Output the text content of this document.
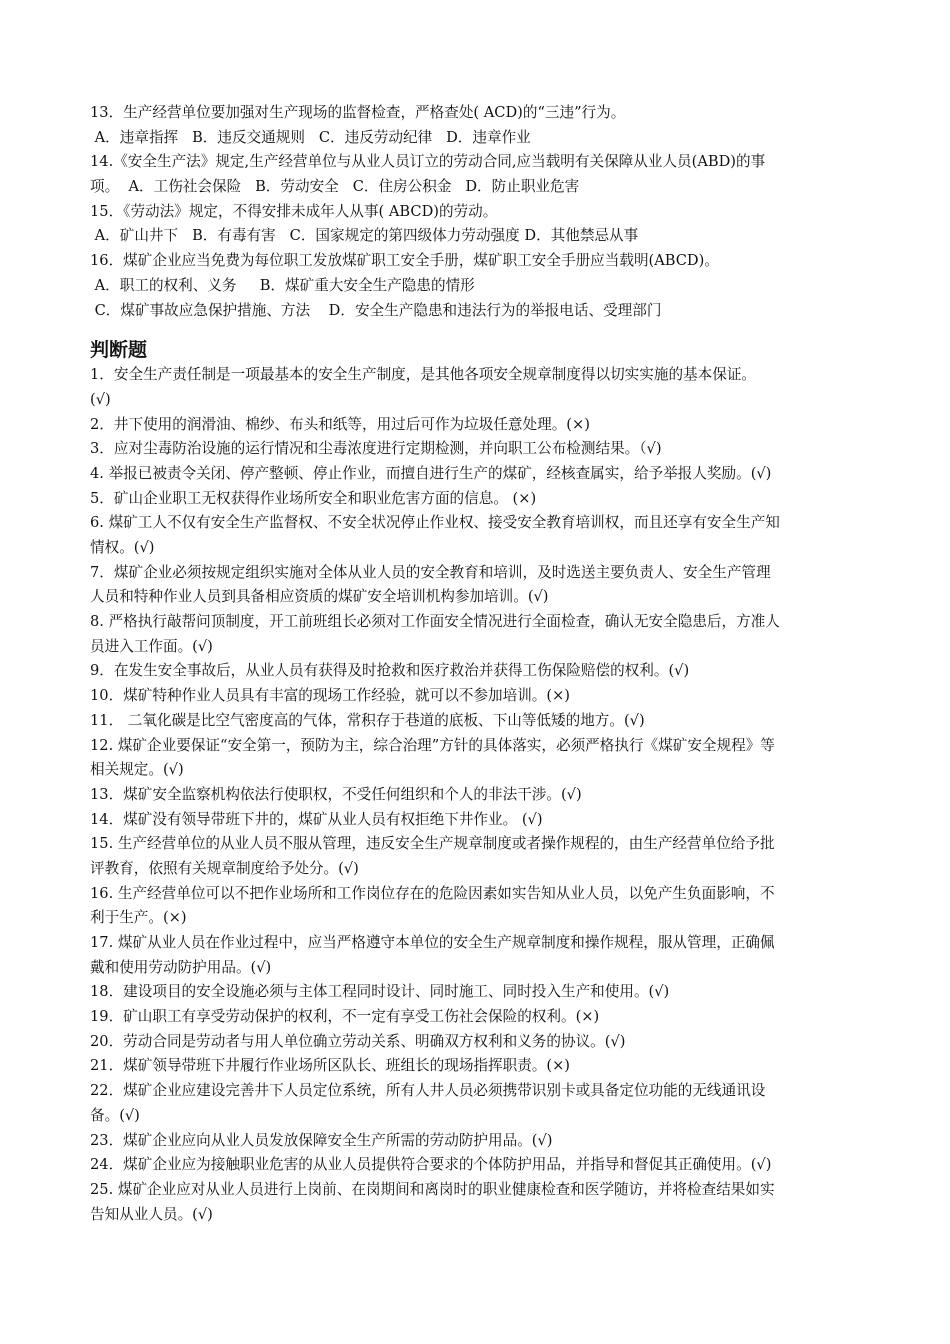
13．生产经营单位要加强对生产现场的监督检查，严格查处( ACD)的“三违”行为。
A．违章指挥   B．违反交通规则   C．违反劳动纪律   D．违章作业
14.《安全生产法》规定,生产经营单位与从业人员订立的劳动合同,应当载明有关保障从业人员(ABD)的事
项。  A．工伤社会保险   B．劳动安全   C．住房公积金   D．防止职业危害
15．《劳动法》规定，不得安排未成年人从事( ABCD)的劳动。
A．矿山井下   B．有毒有害   C．国家规定的第四级体力劳动强度 D．其他禁忌从事
16．煤矿企业应当免费为每位职工发放煤矿职工安全手册，煤矿职工安全手册应当载明(ABCD)。
A．职工的权利、义务     B．煤矿重大安全生产隐患的情形
C．煤矿事故应急保护措施、方法    D．安全生产隐患和违法行为的举报电话、受理部门
判断题
1．安全生产责任制是一项最基本的安全生产制度，是其他各项安全规章制度得以切实实施的基本保证。
(√)
2．井下使用的润滑油、棉纱、布头和纸等，用过后可作为垃圾任意处理。(×)
3．应对尘毒防治设施的运行情况和尘毒浓度进行定期检测，并向职工公布检测结果。（√)
4. 举报已被责令关闭、停产整顿、停止作业，而擅自进行生产的煤矿，经核查属实，给予举报人奖励。(√)
5．矿山企业职工无权获得作业场所安全和职业危害方面的信息。 (×)
6. 煤矿工人不仅有安全生产监督权、不安全状况停止作业权、接受安全教育培训权，而且还享有安全生产知
情权。(√)
7．煤矿企业必须按规定组织实施对全体从业人员的安全教育和培训，及时选送主要负责人、安全生产管理
人员和特种作业人员到具备相应资质的煤矿安全培训机构参加培训。(√)
8. 严格执行敲帮问顶制度，开工前班组长必须对工作面安全情况进行全面检查，确认无安全隐患后，方准人
员进入工作面。(√)
9．在发生安全事故后，从业人员有获得及时抢救和医疗救治并获得工伤保险赔偿的权利。(√)
10．煤矿特种作业人员具有丰富的现场工作经验，就可以不参加培训。(×)
11． 二氧化碳是比空气密度高的气体，常积存于巷道的底板、下山等低矮的地方。(√)
12. 煤矿企业要保证“安全第一，预防为主，综合治理”方针的具体落实，必须严格执行《煤矿安全规程》等
相关规定。(√)
13．煤矿安全监察机构依法行使职权，不受任何组织和个人的非法干涉。(√)
14．煤矿没有领导带班下井的，煤矿从业人员有权拒绝下井作业。 (√)
15. 生产经营单位的从业人员不服从管理，违反安全生产规章制度或者操作规程的，由生产经营单位给予批
评教育，依照有关规章制度给予处分。(√)
16. 生产经营单位可以不把作业场所和工作岗位存在的危险因素如实告知从业人员，以免产生负面影响，不
利于生产。(×)
17. 煤矿从业人员在作业过程中，应当严格遵守本单位的安全生产规章制度和操作规程，服从管理，正确佩
戴和使用劳动防护用品。(√)
18．建设项目的安全设施必须与主体工程同时设计、同时施工、同时投入生产和使用。(√)
19．矿山职工有享受劳动保护的权利，不一定有享受工伤社会保险的权利。(×)
20．劳动合同是劳动者与用人单位确立劳动关系、明确双方权利和义务的协议。(√)
21．煤矿领导带班下井履行作业场所区队长、班组长的现场指挥职责。(×)
22．煤矿企业应建设完善井下人员定位系统，所有人井人员必须携带识别卡或具备定位功能的无线通讯设
备。(√)
23．煤矿企业应向从业人员发放保障安全生产所需的劳动防护用品。(√)
24．煤矿企业应为接触职业危害的从业人员提供符合要求的个体防护用品，并指导和督促其正确使用。(√)
25. 煤矿企业应对从业人员进行上岗前、在岗期间和离岗时的职业健康检查和医学随访，并将检查结果如实
告知从业人员。(√)
